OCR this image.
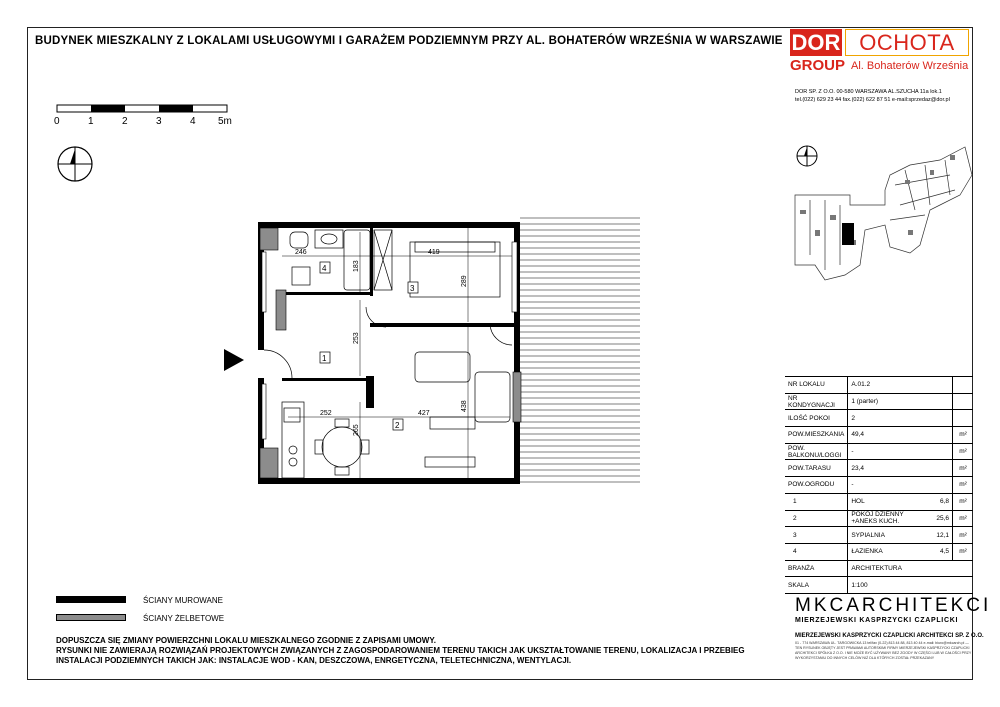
BUDYNEK MIESZKALNY Z LOKALAMI USŁUGOWYMI I GARAŻEM PODZIEMNYM PRZY AL. BOHATERÓW WRZEŚNIA W WARSZAWIE DOR OCHOTA
GROUP Al. Bohaterów Września
DOR SP. Z O.O. 00-580 WARSZAWA AL.SZUCHA 11a lok.1
tel.(022) 629 23 44 fax.(022) 622 87 51 e-mail:sprzedaz@dor.pl
0	1	2	3	4 5m
246	419
252	427
183
289
253
438
265
1
2
3
4
NR LOKALU	A.01.2		
NR KONDYGNACJI	1 (parter)		
ILOŚĆ POKOI	2		
POW.MIESZKANIA	49,4		m²
POW. BALKONU/LOGGI	-		m²
POW.TARASU	23,4		m²
POW.OGRODU	-		m²
1	HOL	6,8	m²
2	POKÓJ DZIENNY +ANEKS KUCH.	25,6	m²
3	SYPIALNIA	12,1	m²
4	ŁAZIENKA	4,5	m²
BRANŻA	ARCHITEKTURA		
SKALA	1:100		
ŚCIANY MUROWANE
ŚCIANY ŻELBETOWE
DOPUSZCZA SIĘ ZMIANY POWIERZCHNI LOKALU MIESZKALNEGO ZGODNIE Z ZAPISAMI UMOWY.
RYSUNKI NIE ZAWIERAJĄ ROZWIĄZAŃ PROJEKTOWYCH ZWIĄZANYCH Z ZAGOSPODAROWANIEM TERENU TAKICH JAK UKSZTAŁTOWANIE TERENU, LOKALIZACJA I PRZEBIEG
INSTALACJI PODZIEMNYCH TAKICH JAK: INSTALACJE WOD - KAN, DESZCZOWA, ENRGETYCZNA, TELETECHNICZNA, WENTYLACJI.
MKCARCHITEKCI
MIERZEJEWSKI KASPRZYCKI CZAPLICKI
MIERZEJEWSKI KASPRZYCKI CZAPLICKI ARCHITEKCI SP. Z O.O.
01 - 774 WARSZAWA UL. TARGOWICKA 13 tel/fax (0-22) 813 44 88, 813 40 44 e-mail: biuro@mkcarch.pl — TEN RYSUNEK OBJĘTY JEST PRAWAMI AUTORSKIMI FIRMY MIERZEJEWSKI KASPRZYCKI CZAPLICKI ARCHITEKCI SPÓŁKA Z O.O. I NIE MOŻE BYĆ UŻYWANY BEZ ZGODY W CZĘŚCI LUB W CAŁOŚCI PRZY WYKORZYSTANIU DO INNYCH CELÓW NIŻ DLA KTÓRYCH ZOSTAŁ PRZEKAZANY
